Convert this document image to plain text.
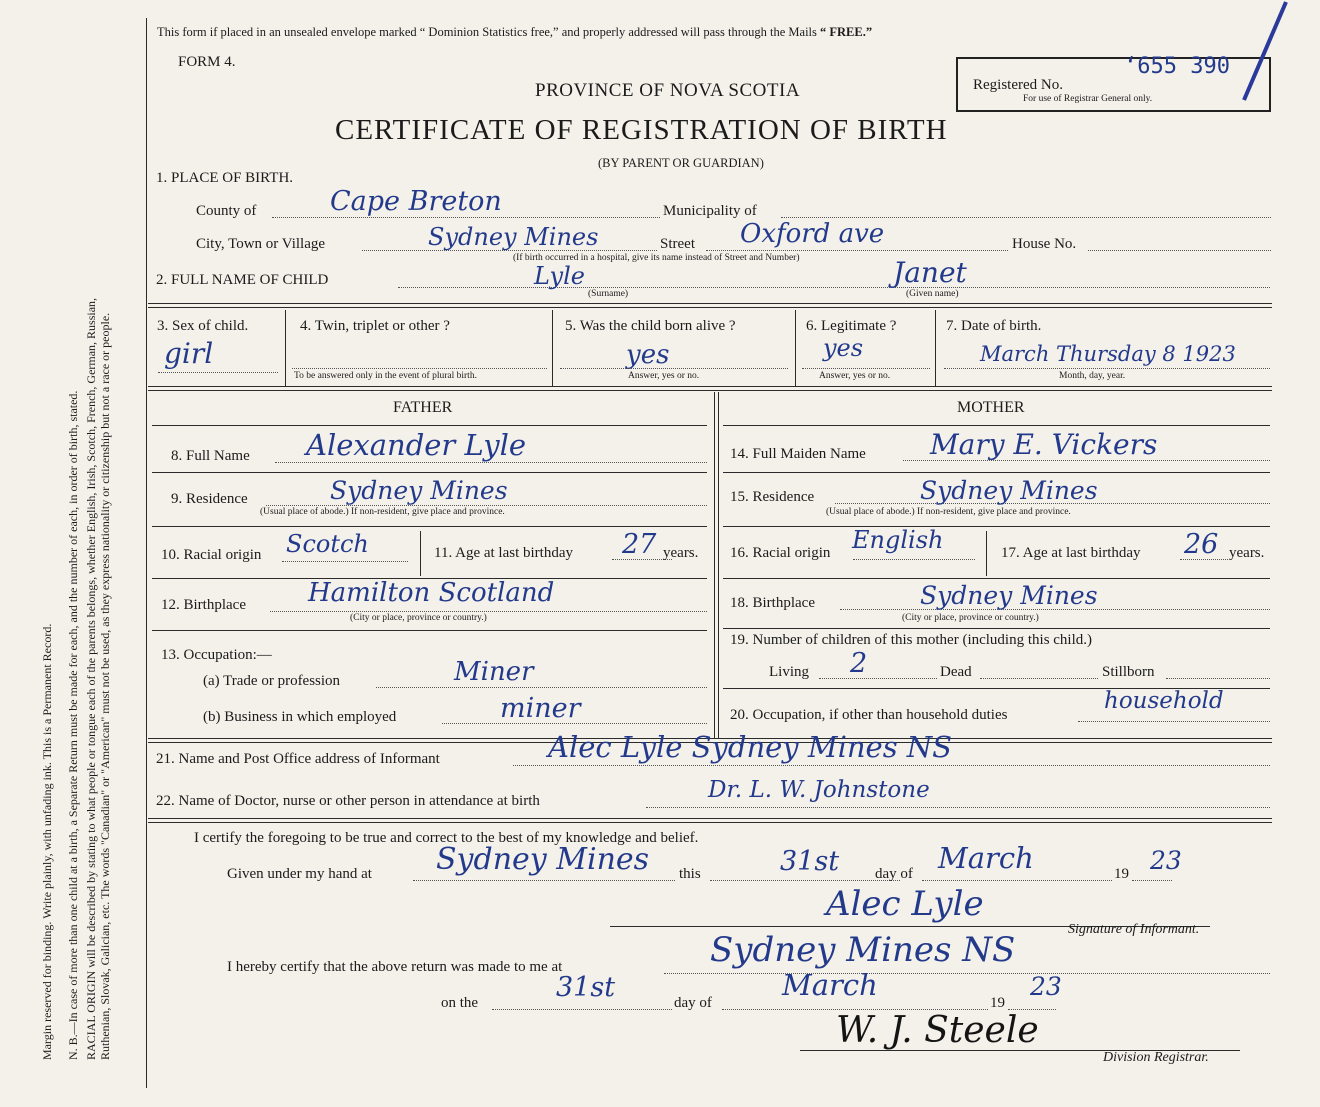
Margin reserved for binding. Write plainly, with unfading ink. This is a Permanent Record. N. B.—In case of more than one child at a birth, a Separate Return must be made for each, and the number of each, in order of birth, stated. RACIAL ORIGIN will be described by stating to what people or tongue each of the parents belongs, whether English, Irish, Scotch, French, German, Russian, Ruthenian, Slovak, Galician, etc. The words "Canadian" or "American" must not be used, as they express nationality or citizenship but not a race or people.
This form if placed in an unsealed envelope marked “ Dominion Statistics free,” and properly addressed will pass through the Mails “ FREE.”
FORM 4.
PROVINCE OF NOVA SCOTIA
CERTIFICATE OF REGISTRATION OF BIRTH
(BY PARENT OR GUARDIAN)
Registered No.
‘655 390
For use of Registrar General only.
1. PLACE OF BIRTH.
County of	Cape Breton	Municipality of
City, Town or Village	Sydney Mines	Street Oxford ave	House No.
(If birth occurred in a hospital, give its name instead of Street and Number)
2. FULL NAME OF CHILD	Lyle
(Surname)
Janet
(Given name)
3. Sex of child.
girl
4. Twin, triplet or other ?
To be answered only in the event of plural birth.
5. Was the child born alive ?
yes
Answer, yes or no.
6. Legitimate ?
yes
Answer, yes or no.
7. Date of birth.
March Thursday 8 1923
Month, day, year.
FATHER	MOTHER
8. Full Name Alexander Lyle
9. Residence	Sydney Mines
(Usual place of abode.) If non-resident, give place and province.
10. Racial origin Scotch	11. Age at last birthday 27 years.
12. Birthplace Hamilton Scotland
(City or place, province or country.)
13. Occupation:—
(a) Trade or profession	Miner
(b) Business in which employed	miner
14. Full Maiden Name Mary E. Vickers
15. Residence	Sydney Mines
(Usual place of abode.) If non-resident, give place and province.
16. Racial origin English	17. Age at last birthday 26 years.
18. Birthplace	Sydney Mines
(City or place, province or country.)
19. Number of children of this mother (including this child.)
Living 2	Dead	Stillborn
20. Occupation, if other than household duties
household
21. Name and Post Office address of Informant	Alec Lyle Sydney Mines NS
22. Name of Doctor, nurse or other person in attendance at birth	Dr. L. W. Johnstone
I certify the foregoing to be true and correct to the best of my knowledge and belief.
Given under my hand at Sydney Mines this	31st day of March	19 23
Alec Lyle
Signature of Informant.
I hereby certify that the above return was made to me at	Sydney Mines NS
on the	31st	day of
March
19
23
W. J. Steele
Division Registrar.
